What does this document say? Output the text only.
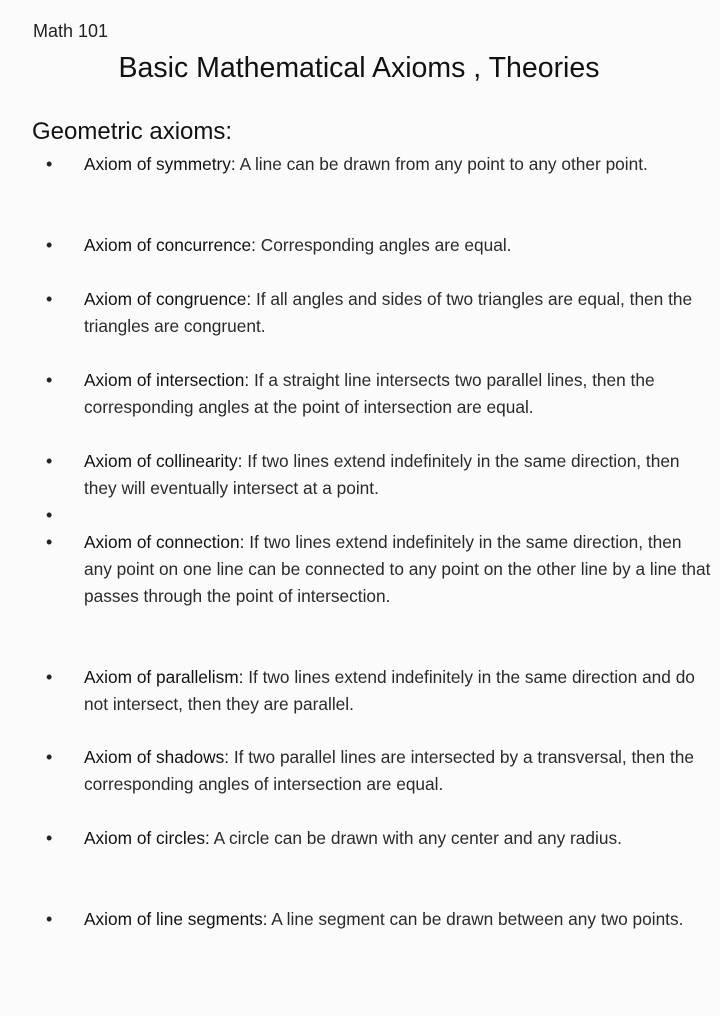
Math 101
Basic Mathematical Axioms , Theories
Geometric axioms:
• Axiom of symmetry: A line can be drawn from any point to any other point.
• Axiom of concurrence: Corresponding angles are equal.
• Axiom of congruence: If all angles and sides of two triangles are equal, then the triangles are congruent.
• Axiom of intersection: If a straight line intersects two parallel lines, then the corresponding angles at the point of intersection are equal.
• Axiom of collinearity: If two lines extend indefinitely in the same direction, then they will eventually intersect at a point.
•
• Axiom of connection: If two lines extend indefinitely in the same direction, then any point on one line can be connected to any point on the other line by a line that passes through the point of intersection.
• Axiom of parallelism: If two lines extend indefinitely in the same direction and do not intersect, then they are parallel.
• Axiom of shadows: If two parallel lines are intersected by a transversal, then the corresponding angles of intersection are equal.
• Axiom of circles: A circle can be drawn with any center and any radius.
• Axiom of line segments: A line segment can be drawn between any two points.
